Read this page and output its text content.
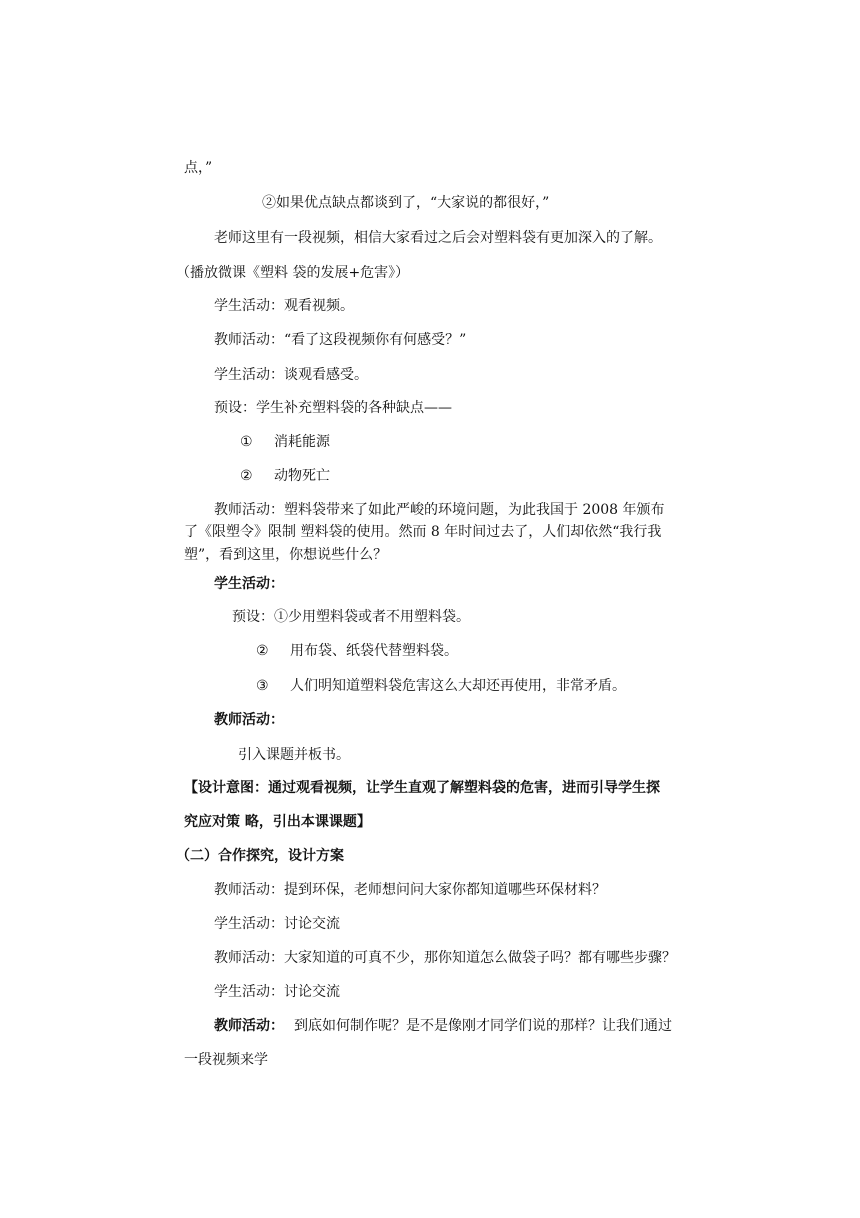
点，”
②如果优点缺点都谈到了，“大家说的都很好，”
老师这里有一段视频，相信大家看过之后会对塑料袋有更加深入的了解。
（播放微课《塑料 袋的发展+危害》）
学生活动：观看视频。
教师活动：“看了这段视频你有何感受？”
学生活动：谈观看感受。
预设：学生补充塑料袋的各种缺点——
① 消耗能源
② 动物死亡
教师活动：塑料袋带来了如此严峻的环境问题，为此我国于 2008 年颁布
了《限塑令》限制 塑料袋的使用。然而 8 年时间过去了，人们却依然“我行我
塑”，看到这里，你想说些什么？
学生活动：
预设：①少用塑料袋或者不用塑料袋。
② 用布袋、纸袋代替塑料袋。
③ 人们明知道塑料袋危害这么大却还再使用，非常矛盾。
教师活动：
引入课题并板书。
【设计意图：通过观看视频，让学生直观了解塑料袋的危害，进而引导学生探
究应对策 略，引出本课课题】
（二）合作探究，设计方案
教师活动：提到环保，老师想问问大家你都知道哪些环保材料？
学生活动：讨论交流
教师活动：大家知道的可真不少，那你知道怎么做袋子吗？都有哪些步骤？
学生活动：讨论交流
教师活动： 到底如何制作呢？是不是像刚才同学们说的那样？让我们通过
一段视频来学
